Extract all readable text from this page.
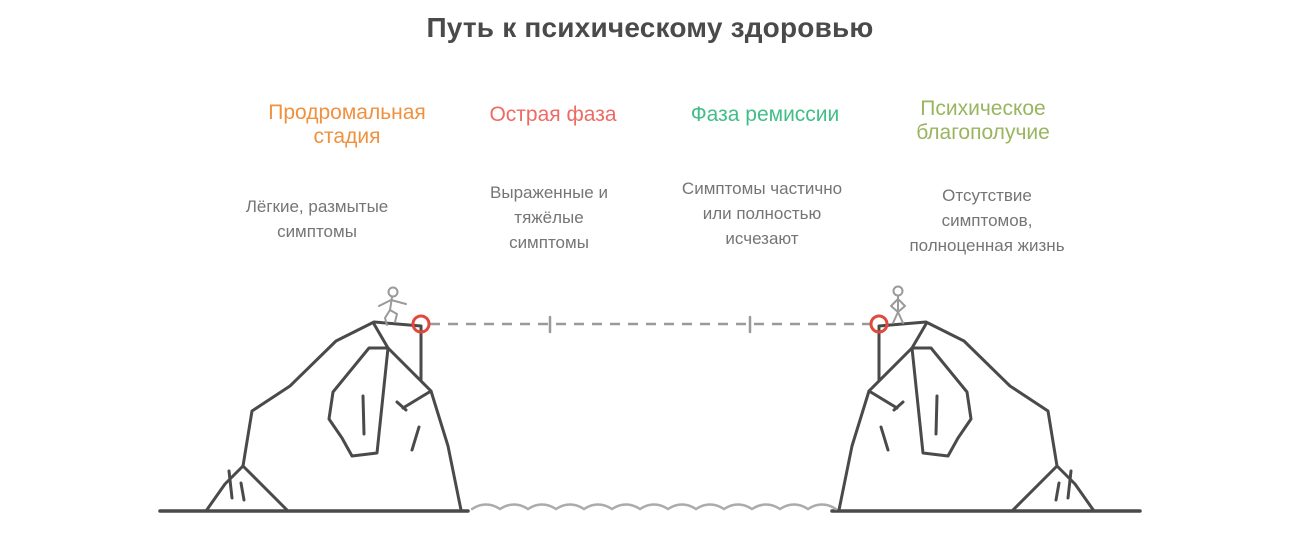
Путь к психическому здоровью
Продромальная
стадия
Острая фаза	Фаза ремиссии	Психическое
благополучие
Лёгкие, размытые
симптомы
Выраженные и
тяжёлые
симптомы
Симптомы частично
или полностью
исчезают
Отсутствие
симптомов,
полноценная жизнь
